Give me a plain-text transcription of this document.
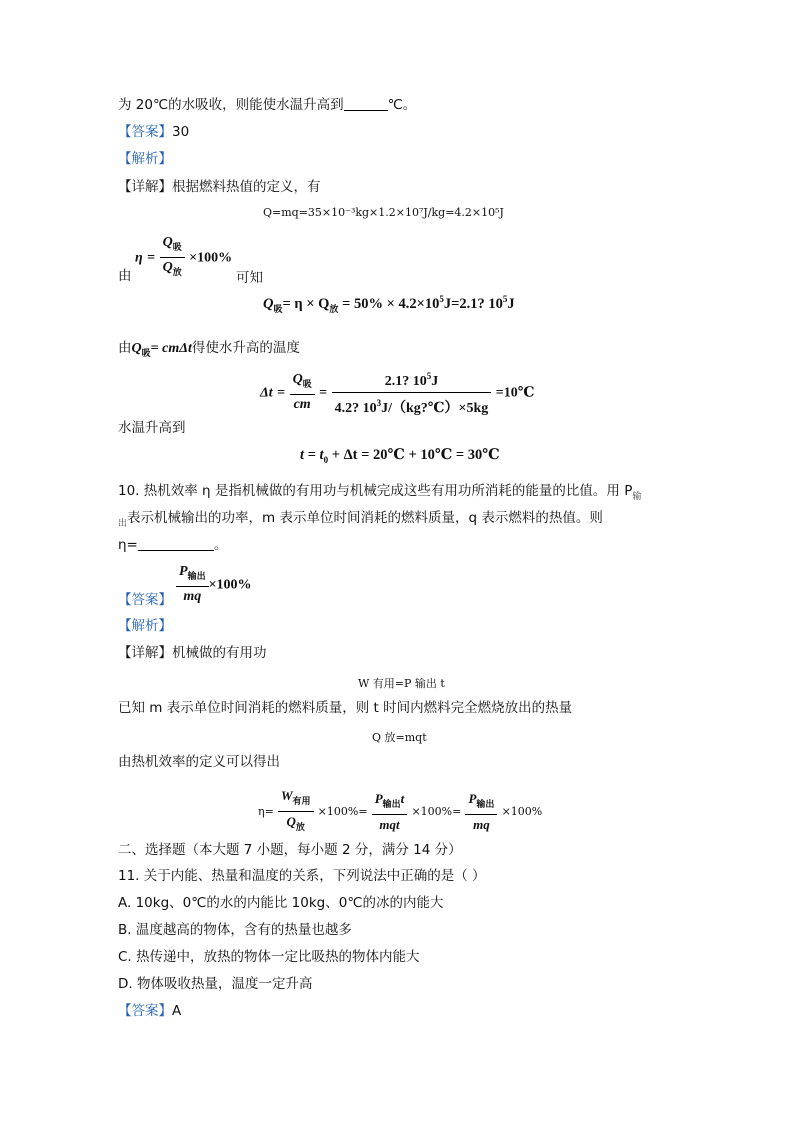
为 20℃的水吸收，则能使水温升高到	℃。
【答案】30
【解析】
【详解】根据燃料热值的定义，有
Q=mq=35×10⁻³kg×1.2×10⁷J/kg=4.2×10⁵J
$\eta = \frac{Q_吸}{Q_放} \times 100\%$
由	可知
$Q_吸= \eta \times Q_放 = 50\% \times 4.2\times 10^5J=2.1$? $10^5J$
由$Q_吸= cm\Delta t$得使水升高的温度
$\Delta t = \frac{Q_吸}{cm} = \frac{2.1? 10^5J}{4.2? 10^3J/(kg?℃)\times 5kg}$ =10℃
水温升高到
$t = t_0 + \Delta t$ = 20℃ + 10℃ = 30℃
10. 热机效率 η 是指机械做的有用功与机械完成这些有用功所消耗的能量的比值。用 $P_输$
$_出$表示机械输出的功率，m 表示单位时间消耗的燃料质量，q 表示燃料的热值。则
η=	。
$\frac{P_{输出}}{mq} \times 100\%$
【答案】
【解析】
【详解】机械做的有用功
W 有用=P 输出 t
已知 m 表示单位时间消耗的燃料质量，则 t 时间内燃料完全燃烧放出的热量
Q 放=mqt
由热机效率的定义可以得出
$\eta= \frac{W_{有用}}{Q_放} \times 100\%= \frac{P_{输出}t}{\text{mqt}} \times 100\%= \frac{P_{输出}}{mq} \times 100\%$
二、选择题（本大题 7 小题，每小题 2 分，满分 14 分）
11. 关于内能、热量和温度的关系，下列说法中正确的是（ ）
A. 10kg、0℃的水的内能比 10kg、0℃的冰的内能大
B. 温度越高的物体，含有的热量也越多
C. 热传递中，放热的物体一定比吸热的物体内能大
D. 物体吸收热量，温度一定升高
【答案】A
